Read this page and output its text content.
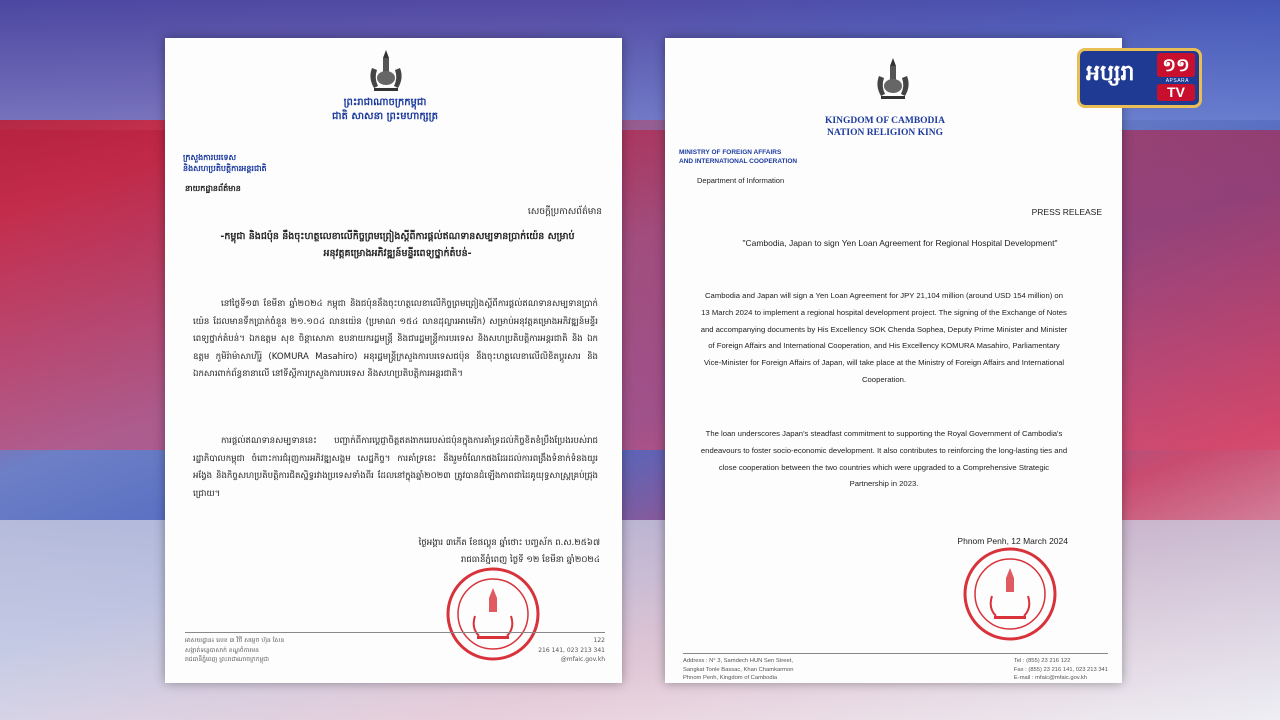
ព្រះរាជាណាចក្រកម្ពុជា
ជាតិ សាសនា ព្រះមហាក្សត្រ
ក្រសួងការបរទេស
និងសហប្រតិបត្តិការអន្តរជាតិ
នាយកដ្ឋានព័ត៌មាន
សេចក្តីប្រកាសព័ត៌មាន
-កម្ពុជា និងជប៉ុន នឹងចុះហត្ថលេខាលើកិច្ចព្រមព្រៀងស្តីពីការផ្តល់ឥណទានសម្បទានប្រាក់យ៉េន សម្រាប់អនុវត្តគម្រោងអភិវឌ្ឍន៍មន្ទីរពេទ្យថ្នាក់តំបន់-
នៅថ្ងៃទី១៣ ខែមីនា ឆ្នាំ២០២៤ កម្ពុជា និងជប៉ុននឹងចុះហត្ថលេខាលើកិច្ចព្រមព្រៀងស្តីពីការផ្តល់ឥណទានសម្បទានប្រាក់យ៉េន ដែលមានទឹកប្រាក់ចំនួន ២១.១០៤ លានយ៉េន (ប្រមាណ ១៥៤ លានដុល្លារអាមេរិក) សម្រាប់អនុវត្តគម្រោងអភិវឌ្ឍន៍មន្ទីរពេទ្យថ្នាក់តំបន់។ ឯកឧត្តម សុខ ចិន្តាសោភា ឧបនាយករដ្ឋមន្ត្រី និងជារដ្ឋមន្ត្រីការបរទេស និងសហប្រតិបត្តិការអន្តរជាតិ និង ឯកឧត្តម កូមិរ៉ាម៉ាសាហ៊ីរ៉ូ (KOMURA Masahiro) អនុរដ្ឋមន្ត្រីក្រសួងការបរទេសជប៉ុន នឹងចុះហត្ថលេខាលើលិខិតប្តូរសារ និងឯកសារពាក់ព័ន្ធនានាលើ នៅទីស្តីការក្រសួងការបរទេស និងសហប្រតិបត្តិការអន្តរជាតិ។
ការផ្តល់ឥណទានសម្បទាននេះ បញ្ជាក់ពីការប្តេជ្ញាចិត្តឥតងាករេរបស់ជប៉ុនក្នុងការគាំទ្រដល់កិច្ចខិតខំប្រឹងប្រែងរបស់រាជរដ្ឋាភិបាលកម្ពុជា ចំពោះការជំរុញការអភិវឌ្ឍសង្គម សេដ្ឋកិច្ច។ ការគាំទ្រនេះ នឹងរួមចំណែកផងដែរដល់ការពង្រឹងទំនាក់ទំនងយូរអង្វែង និងកិច្ចសហប្រតិបត្តិការជិតស្និទ្ធរវាងប្រទេសទាំងពីរ ដែលនៅក្នុងឆ្នាំ២០២៣ ត្រូវបានដំឡើងភាពជាដៃគូយុទ្ធសាស្ត្រគ្រប់ជ្រុងជ្រោយ។
ថ្ងៃអង្គារ ៣កើត ខែផល្គុន ឆ្នាំថោះ បញ្ចស័ក ព.ស.២៥៦៧
រាជធានីភ្នំពេញ ថ្ងៃទី ១២ ខែមីនា ឆ្នាំ២០២៤
អាសយដ្ឋាន៖ លេខ ៣ វិថី សម្តេច ហ៊ុន សែន
សង្កាត់ទន្លេបាសាក់ ខណ្ឌចំការមន
រាជធានីភ្នំពេញ ព្រះរាជាណាចក្រកម្ពុជា
122
216 141, 023 213 341
@mfaic.gov.kh
KINGDOM OF CAMBODIA
NATION RELIGION KING
MINISTRY OF FOREIGN AFFAIRS
AND INTERNATIONAL COOPERATION
Department of Information
PRESS RELEASE
"Cambodia, Japan to sign Yen Loan Agreement for Regional Hospital Development"
Cambodia and Japan will sign a Yen Loan Agreement for JPY 21,104 million (around USD 154 million) on 13 March 2024 to implement a regional hospital development project. The signing of the Exchange of Notes and accompanying documents by His Excellency SOK Chenda Sophea, Deputy Prime Minister and Minister of Foreign Affairs and International Cooperation, and His Excellency KOMURA Masahiro, Parliamentary Vice-Minister for Foreign Affairs of Japan, will take place at the Ministry of Foreign Affairs and International Cooperation.
The loan underscores Japan's steadfast commitment to supporting the Royal Government of Cambodia's endeavours to foster socio-economic development. It also contributes to reinforcing the long-lasting ties and close cooperation between the two countries which were upgraded to a Comprehensive Strategic Partnership in 2023.
Phnom Penh, 12 March 2024
Address : N° 3, Samdech HUN Sen Street,
Sangkat Tonle Bassac, Khan Chamkarmon
Phnom Penh, Kingdom of Cambodia
Tel : (855) 23 216 122
Fax : (855) 23 216 141, 023 213 341
E-mail : mfaic@mfaic.gov.kh
អប្សរា ១១
APSARA
TV
